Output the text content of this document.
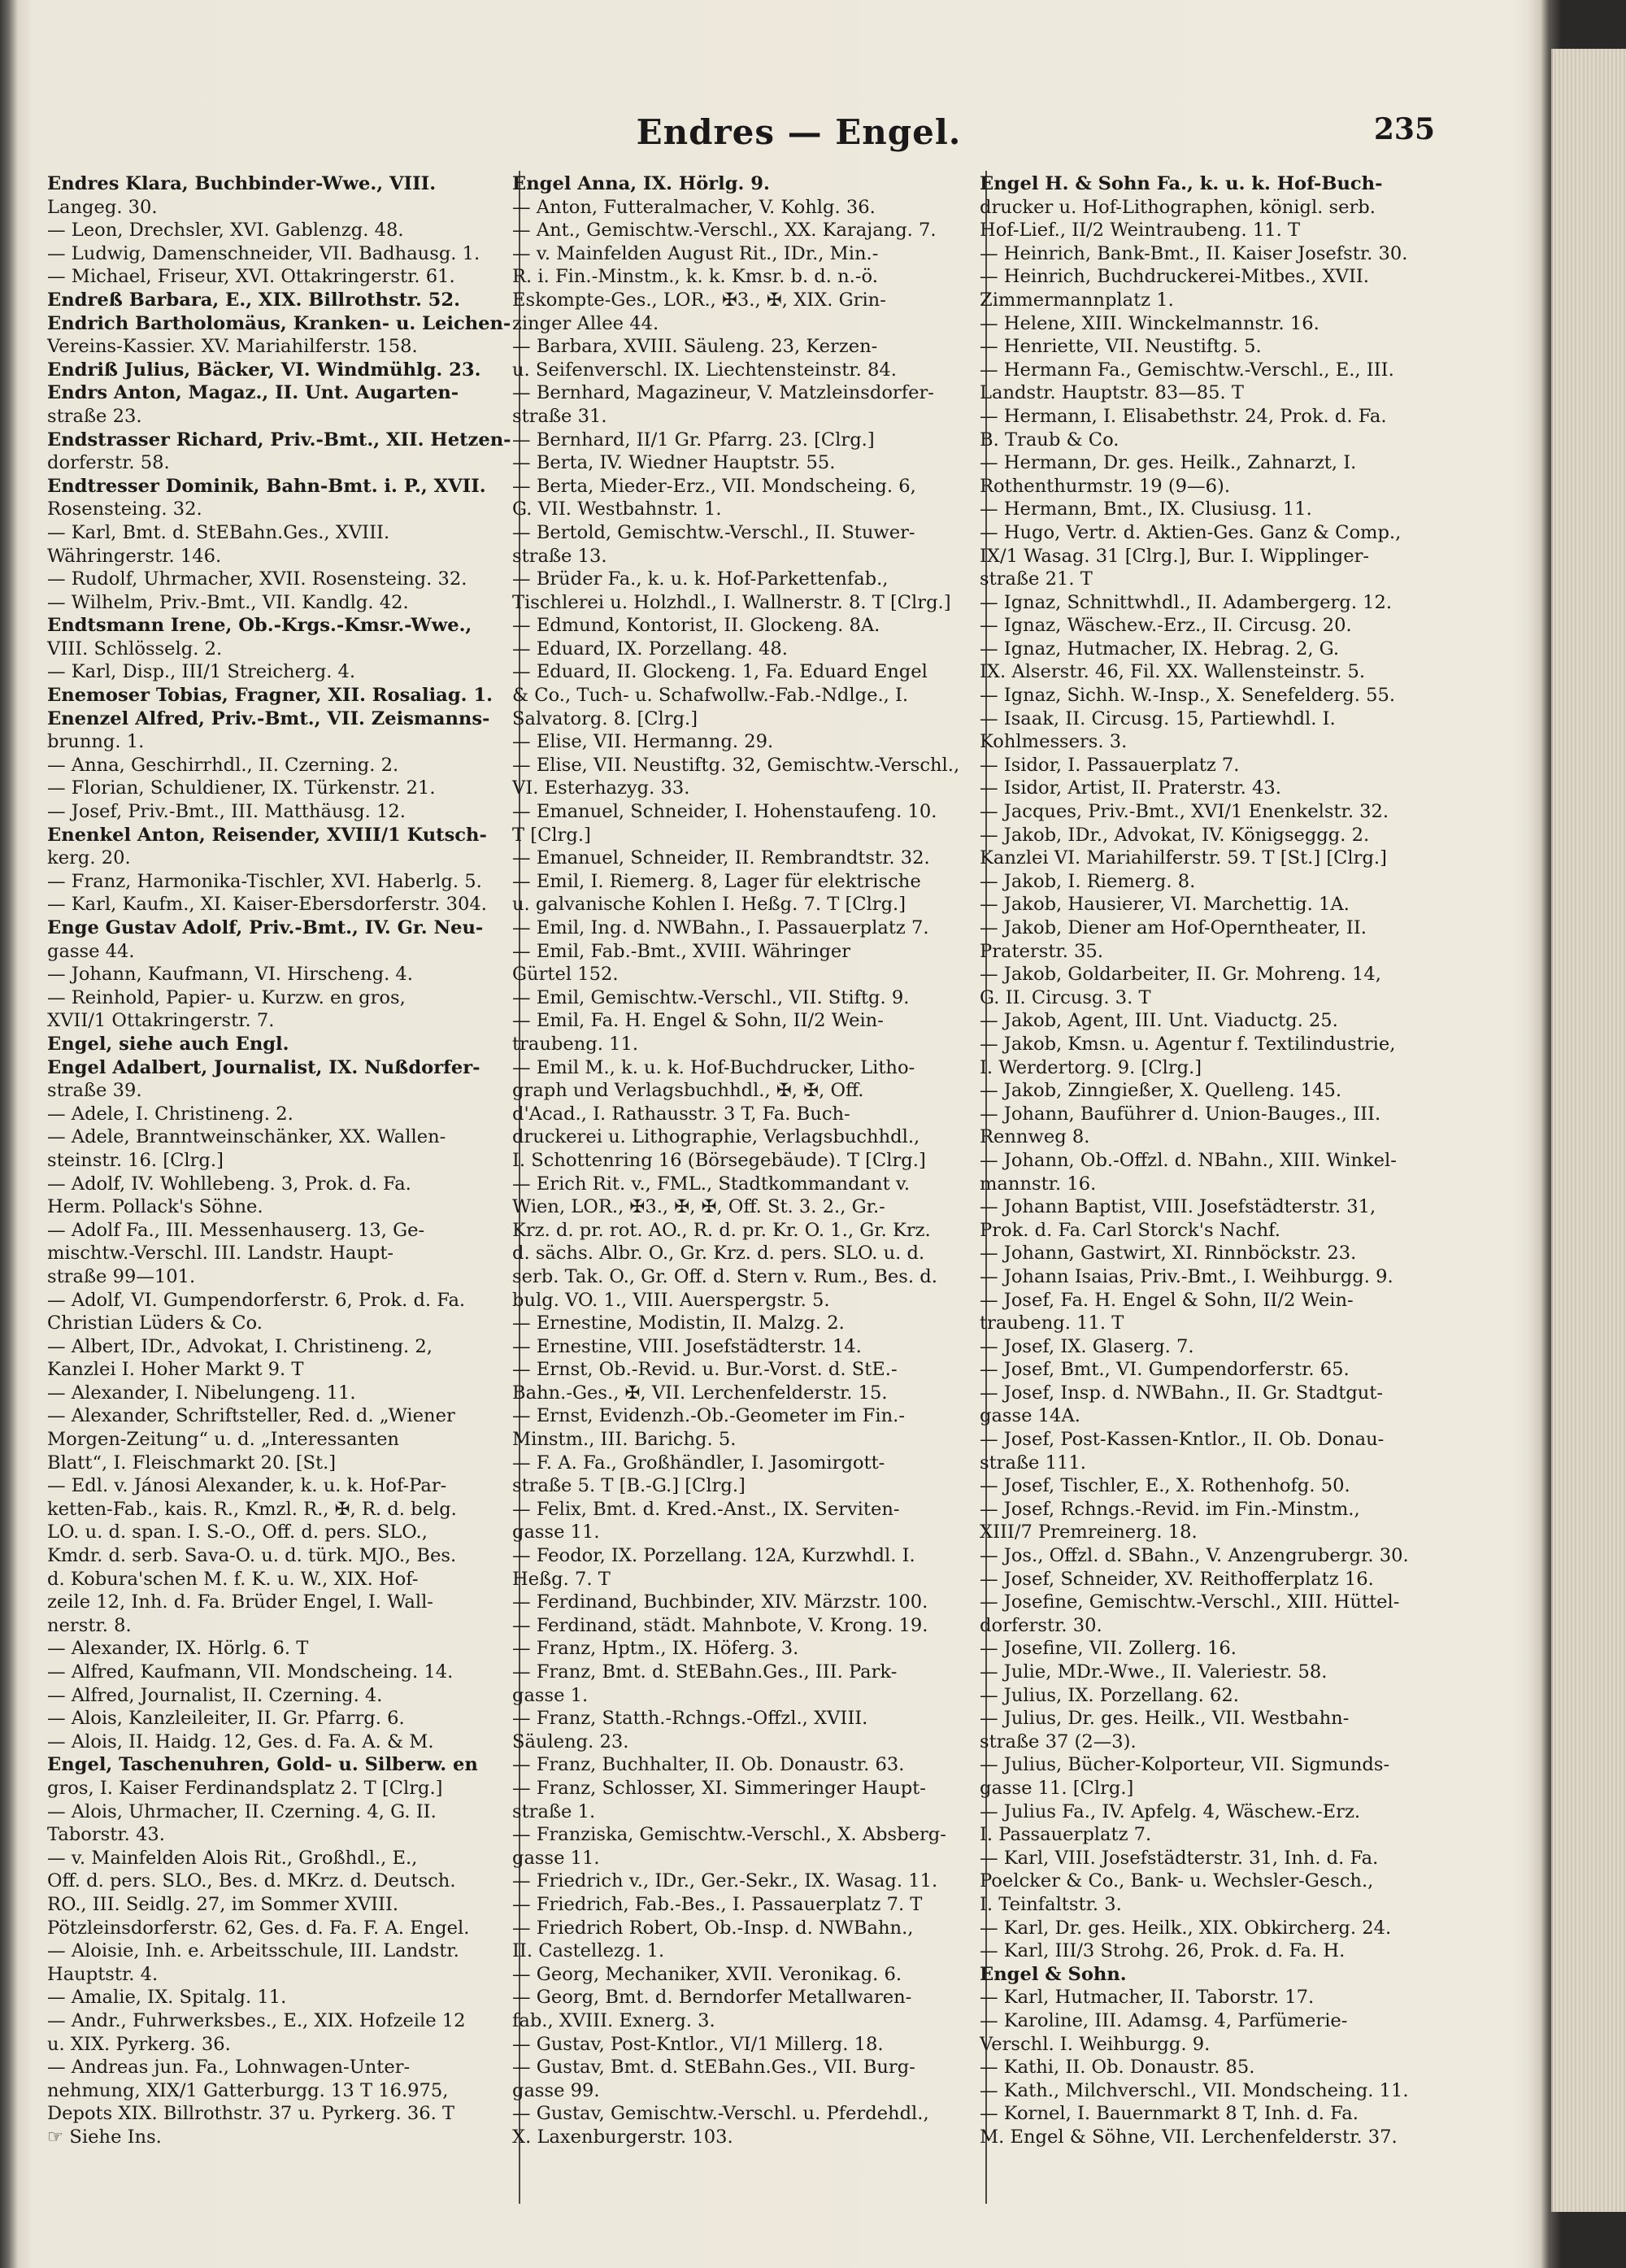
Endres — Engel.	235
Endres Klara, Buchbinder-Wwe., VIII.
Langeg. 30.
— Leon, Drechsler, XVI. Gablenzg. 48.
— Ludwig, Damenschneider, VII. Badhausg. 1.
— Michael, Friseur, XVI. Ottakringerstr. 61.
Endreß Barbara, E., XIX. Billrothstr. 52.
Endrich Bartholomäus, Kranken- u. Leichen-
Vereins-Kassier. XV. Mariahilferstr. 158.
Endriß Julius, Bäcker, VI. Windmühlg. 23.
Endrs Anton, Magaz., II. Unt. Augarten-
straße 23.
Endstrasser Richard, Priv.-Bmt., XII. Hetzen-
dorferstr. 58.
Endtresser Dominik, Bahn-Bmt. i. P., XVII.
Rosensteing. 32.
— Karl, Bmt. d. StEBahn.Ges., XVIII.
Währingerstr. 146.
— Rudolf, Uhrmacher, XVII. Rosensteing. 32.
— Wilhelm, Priv.-Bmt., VII. Kandlg. 42.
Endtsmann Irene, Ob.-Krgs.-Kmsr.-Wwe.,
VIII. Schlösselg. 2.
— Karl, Disp., III/1 Streicherg. 4.
Enemoser Tobias, Fragner, XII. Rosaliag. 1.
Enenzel Alfred, Priv.-Bmt., VII. Zeismanns-
brunng. 1.
— Anna, Geschirrhdl., II. Czerning. 2.
— Florian, Schuldiener, IX. Türkenstr. 21.
— Josef, Priv.-Bmt., III. Matthäusg. 12.
Enenkel Anton, Reisender, XVIII/1 Kutsch-
kerg. 20.
— Franz, Harmonika-Tischler, XVI. Haberlg. 5.
— Karl, Kaufm., XI. Kaiser-Ebersdorferstr. 304.
Enge Gustav Adolf, Priv.-Bmt., IV. Gr. Neu-
gasse 44.
— Johann, Kaufmann, VI. Hirscheng. 4.
— Reinhold, Papier- u. Kurzw. en gros,
XVII/1 Ottakringerstr. 7.
Engel, siehe auch Engl.
Engel Adalbert, Journalist, IX. Nußdorfer-
straße 39.
— Adele, I. Christineng. 2.
— Adele, Branntweinschänker, XX. Wallen-
steinstr. 16. [Clrg.]
— Adolf, IV. Wohllebeng. 3, Prok. d. Fa.
Herm. Pollack's Söhne.
— Adolf Fa., III. Messenhauserg. 13, Ge-
mischtw.-Verschl. III. Landstr. Haupt-
straße 99—101.
— Adolf, VI. Gumpendorferstr. 6, Prok. d. Fa.
Christian Lüders & Co.
— Albert, IDr., Advokat, I. Christineng. 2,
Kanzlei I. Hoher Markt 9. T
— Alexander, I. Nibelungeng. 11.
— Alexander, Schriftsteller, Red. d. „Wiener
Morgen-Zeitung“ u. d. „Interessanten
Blatt“, I. Fleischmarkt 20. [St.]
— Edl. v. Jánosi Alexander, k. u. k. Hof-Par-
ketten-Fab., kais. R., Kmzl. R., ✠, R. d. belg.
LO. u. d. span. I. S.-O., Off. d. pers. SLO.,
Kmdr. d. serb. Sava-O. u. d. türk. MJO., Bes.
d. Kobura'schen M. f. K. u. W., XIX. Hof-
zeile 12, Inh. d. Fa. Brüder Engel, I. Wall-
nerstr. 8.
— Alexander, IX. Hörlg. 6. T
— Alfred, Kaufmann, VII. Mondscheing. 14.
— Alfred, Journalist, II. Czerning. 4.
— Alois, Kanzleileiter, II. Gr. Pfarrg. 6.
— Alois, II. Haidg. 12, Ges. d. Fa. A. & M.
Engel, Taschenuhren, Gold- u. Silberw. en
gros, I. Kaiser Ferdinandsplatz 2. T [Clrg.]
— Alois, Uhrmacher, II. Czerning. 4, G. II.
Taborstr. 43.
— v. Mainfelden Alois Rit., Großhdl., E.,
Off. d. pers. SLO., Bes. d. MKrz. d. Deutsch.
RO., III. Seidlg. 27, im Sommer XVIII.
Pötzleinsdorferstr. 62, Ges. d. Fa. F. A. Engel.
— Aloisie, Inh. e. Arbeitsschule, III. Landstr.
Hauptstr. 4.
— Amalie, IX. Spitalg. 11.
— Andr., Fuhrwerksbes., E., XIX. Hofzeile 12
u. XIX. Pyrkerg. 36.
— Andreas jun. Fa., Lohnwagen-Unter-
nehmung, XIX/1 Gatterburgg. 13 T 16.975,
Depots XIX. Billrothstr. 37 u. Pyrkerg. 36. T
☞ Siehe Ins.
Engel Anna, IX. Hörlg. 9.
— Anton, Futteralmacher, V. Kohlg. 36.
— Ant., Gemischtw.-Verschl., XX. Karajang. 7.
— v. Mainfelden August Rit., IDr., Min.-
R. i. Fin.-Minstm., k. k. Kmsr. b. d. n.-ö.
Eskompte-Ges., LOR., ✠3., ✠, XIX. Grin-
zinger Allee 44.
— Barbara, XVIII. Säuleng. 23, Kerzen-
u. Seifenverschl. IX. Liechtensteinstr. 84.
— Bernhard, Magazineur, V. Matzleinsdorfer-
straße 31.
— Bernhard, II/1 Gr. Pfarrg. 23. [Clrg.]
— Berta, IV. Wiedner Hauptstr. 55.
— Berta, Mieder-Erz., VII. Mondscheing. 6,
G. VII. Westbahnstr. 1.
— Bertold, Gemischtw.-Verschl., II. Stuwer-
straße 13.
— Brüder Fa., k. u. k. Hof-Parkettenfab.,
Tischlerei u. Holzhdl., I. Wallnerstr. 8. T [Clrg.]
— Edmund, Kontorist, II. Glockeng. 8A.
— Eduard, IX. Porzellang. 48.
— Eduard, II. Glockeng. 1, Fa. Eduard Engel
& Co., Tuch- u. Schafwollw.-Fab.-Ndlge., I.
Salvatorg. 8. [Clrg.]
— Elise, VII. Hermanng. 29.
— Elise, VII. Neustiftg. 32, Gemischtw.-Verschl.,
VI. Esterhazyg. 33.
— Emanuel, Schneider, I. Hohenstaufeng. 10.
T [Clrg.]
— Emanuel, Schneider, II. Rembrandtstr. 32.
— Emil, I. Riemerg. 8, Lager für elektrische
u. galvanische Kohlen I. Heßg. 7. T [Clrg.]
— Emil, Ing. d. NWBahn., I. Passauerplatz 7.
— Emil, Fab.-Bmt., XVIII. Währinger
Gürtel 152.
— Emil, Gemischtw.-Verschl., VII. Stiftg. 9.
— Emil, Fa. H. Engel & Sohn, II/2 Wein-
traubeng. 11.
— Emil M., k. u. k. Hof-Buchdrucker, Litho-
graph und Verlagsbuchhdl., ✠, ✠, Off.
d'Acad., I. Rathausstr. 3 T, Fa. Buch-
druckerei u. Lithographie, Verlagsbuchhdl.,
I. Schottenring 16 (Börsegebäude). T [Clrg.]
— Erich Rit. v., FML., Stadtkommandant v.
Wien, LOR., ✠3., ✠, ✠, Off. St. 3. 2., Gr.-
Krz. d. pr. rot. AO., R. d. pr. Kr. O. 1., Gr. Krz.
d. sächs. Albr. O., Gr. Krz. d. pers. SLO. u. d.
serb. Tak. O., Gr. Off. d. Stern v. Rum., Bes. d.
bulg. VO. 1., VIII. Auerspergstr. 5.
— Ernestine, Modistin, II. Malzg. 2.
— Ernestine, VIII. Josefstädterstr. 14.
— Ernst, Ob.-Revid. u. Bur.-Vorst. d. StE.-
Bahn.-Ges., ✠, VII. Lerchenfelderstr. 15.
— Ernst, Evidenzh.-Ob.-Geometer im Fin.-
Minstm., III. Barichg. 5.
— F. A. Fa., Großhändler, I. Jasomirgott-
straße 5. T [B.-G.] [Clrg.]
— Felix, Bmt. d. Kred.-Anst., IX. Serviten-
gasse 11.
— Feodor, IX. Porzellang. 12A, Kurzwhdl. I.
Heßg. 7. T
— Ferdinand, Buchbinder, XIV. Märzstr. 100.
— Ferdinand, städt. Mahnbote, V. Krong. 19.
— Franz, Hptm., IX. Höferg. 3.
— Franz, Bmt. d. StEBahn.Ges., III. Park-
gasse 1.
— Franz, Statth.-Rchngs.-Offzl., XVIII.
Säuleng. 23.
— Franz, Buchhalter, II. Ob. Donaustr. 63.
— Franz, Schlosser, XI. Simmeringer Haupt-
straße 1.
— Franziska, Gemischtw.-Verschl., X. Absberg-
gasse 11.
— Friedrich v., IDr., Ger.-Sekr., IX. Wasag. 11.
— Friedrich, Fab.-Bes., I. Passauerplatz 7. T
— Friedrich Robert, Ob.-Insp. d. NWBahn.,
II. Castellezg. 1.
— Georg, Mechaniker, XVII. Veronikag. 6.
— Georg, Bmt. d. Berndorfer Metallwaren-
fab., XVIII. Exnerg. 3.
— Gustav, Post-Kntlor., VI/1 Millerg. 18.
— Gustav, Bmt. d. StEBahn.Ges., VII. Burg-
gasse 99.
— Gustav, Gemischtw.-Verschl. u. Pferdehdl.,
X. Laxenburgerstr. 103.
Engel H. & Sohn Fa., k. u. k. Hof-Buch-
drucker u. Hof-Lithographen, königl. serb.
Hof-Lief., II/2 Weintraubeng. 11. T
— Heinrich, Bank-Bmt., II. Kaiser Josefstr. 30.
— Heinrich, Buchdruckerei-Mitbes., XVII.
Zimmermannplatz 1.
— Helene, XIII. Winckelmannstr. 16.
— Henriette, VII. Neustiftg. 5.
— Hermann Fa., Gemischtw.-Verschl., E., III.
Landstr. Hauptstr. 83—85. T
— Hermann, I. Elisabethstr. 24, Prok. d. Fa.
B. Traub & Co.
— Hermann, Dr. ges. Heilk., Zahnarzt, I.
Rothenthurmstr. 19 (9—6).
— Hermann, Bmt., IX. Clusiusg. 11.
— Hugo, Vertr. d. Aktien-Ges. Ganz & Comp.,
IX/1 Wasag. 31 [Clrg.], Bur. I. Wipplinger-
straße 21. T
— Ignaz, Schnittwhdl., II. Adambergerg. 12.
— Ignaz, Wäschew.-Erz., II. Circusg. 20.
— Ignaz, Hutmacher, IX. Hebrag. 2, G.
IX. Alserstr. 46, Fil. XX. Wallensteinstr. 5.
— Ignaz, Sichh. W.-Insp., X. Senefelderg. 55.
— Isaak, II. Circusg. 15, Partiewhdl. I.
Kohlmessers. 3.
— Isidor, I. Passauerplatz 7.
— Isidor, Artist, II. Praterstr. 43.
— Jacques, Priv.-Bmt., XVI/1 Enenkelstr. 32.
— Jakob, IDr., Advokat, IV. Königseggg. 2.
Kanzlei VI. Mariahilferstr. 59. T [St.] [Clrg.]
— Jakob, I. Riemerg. 8.
— Jakob, Hausierer, VI. Marchettig. 1A.
— Jakob, Diener am Hof-Operntheater, II.
Praterstr. 35.
— Jakob, Goldarbeiter, II. Gr. Mohreng. 14,
G. II. Circusg. 3. T
— Jakob, Agent, III. Unt. Viaductg. 25.
— Jakob, Kmsn. u. Agentur f. Textilindustrie,
I. Werdertorg. 9. [Clrg.]
— Jakob, Zinngießer, X. Quelleng. 145.
— Johann, Bauführer d. Union-Bauges., III.
Rennweg 8.
— Johann, Ob.-Offzl. d. NBahn., XIII. Winkel-
mannstr. 16.
— Johann Baptist, VIII. Josefstädterstr. 31,
Prok. d. Fa. Carl Storck's Nachf.
— Johann, Gastwirt, XI. Rinnböckstr. 23.
— Johann Isaias, Priv.-Bmt., I. Weihburgg. 9.
— Josef, Fa. H. Engel & Sohn, II/2 Wein-
traubeng. 11. T
— Josef, IX. Glaserg. 7.
— Josef, Bmt., VI. Gumpendorferstr. 65.
— Josef, Insp. d. NWBahn., II. Gr. Stadtgut-
gasse 14A.
— Josef, Post-Kassen-Kntlor., II. Ob. Donau-
straße 111.
— Josef, Tischler, E., X. Rothenhofg. 50.
— Josef, Rchngs.-Revid. im Fin.-Minstm.,
XIII/7 Premreinerg. 18.
— Jos., Offzl. d. SBahn., V. Anzengrubergr. 30.
— Josef, Schneider, XV. Reithofferplatz 16.
— Josefine, Gemischtw.-Verschl., XIII. Hüttel-
dorferstr. 30.
— Josefine, VII. Zollerg. 16.
— Julie, MDr.-Wwe., II. Valeriestr. 58.
— Julius, IX. Porzellang. 62.
— Julius, Dr. ges. Heilk., VII. Westbahn-
straße 37 (2—3).
— Julius, Bücher-Kolporteur, VII. Sigmunds-
gasse 11. [Clrg.]
— Julius Fa., IV. Apfelg. 4, Wäschew.-Erz.
I. Passauerplatz 7.
— Karl, VIII. Josefstädterstr. 31, Inh. d. Fa.
Poelcker & Co., Bank- u. Wechsler-Gesch.,
I. Teinfaltstr. 3.
— Karl, Dr. ges. Heilk., XIX. Obkircherg. 24.
— Karl, III/3 Strohg. 26, Prok. d. Fa. H.
Engel & Sohn.
— Karl, Hutmacher, II. Taborstr. 17.
— Karoline, III. Adamsg. 4, Parfümerie-
Verschl. I. Weihburgg. 9.
— Kathi, II. Ob. Donaustr. 85.
— Kath., Milchverschl., VII. Mondscheing. 11.
— Kornel, I. Bauernmarkt 8 T, Inh. d. Fa.
M. Engel & Söhne, VII. Lerchenfelderstr. 37.
